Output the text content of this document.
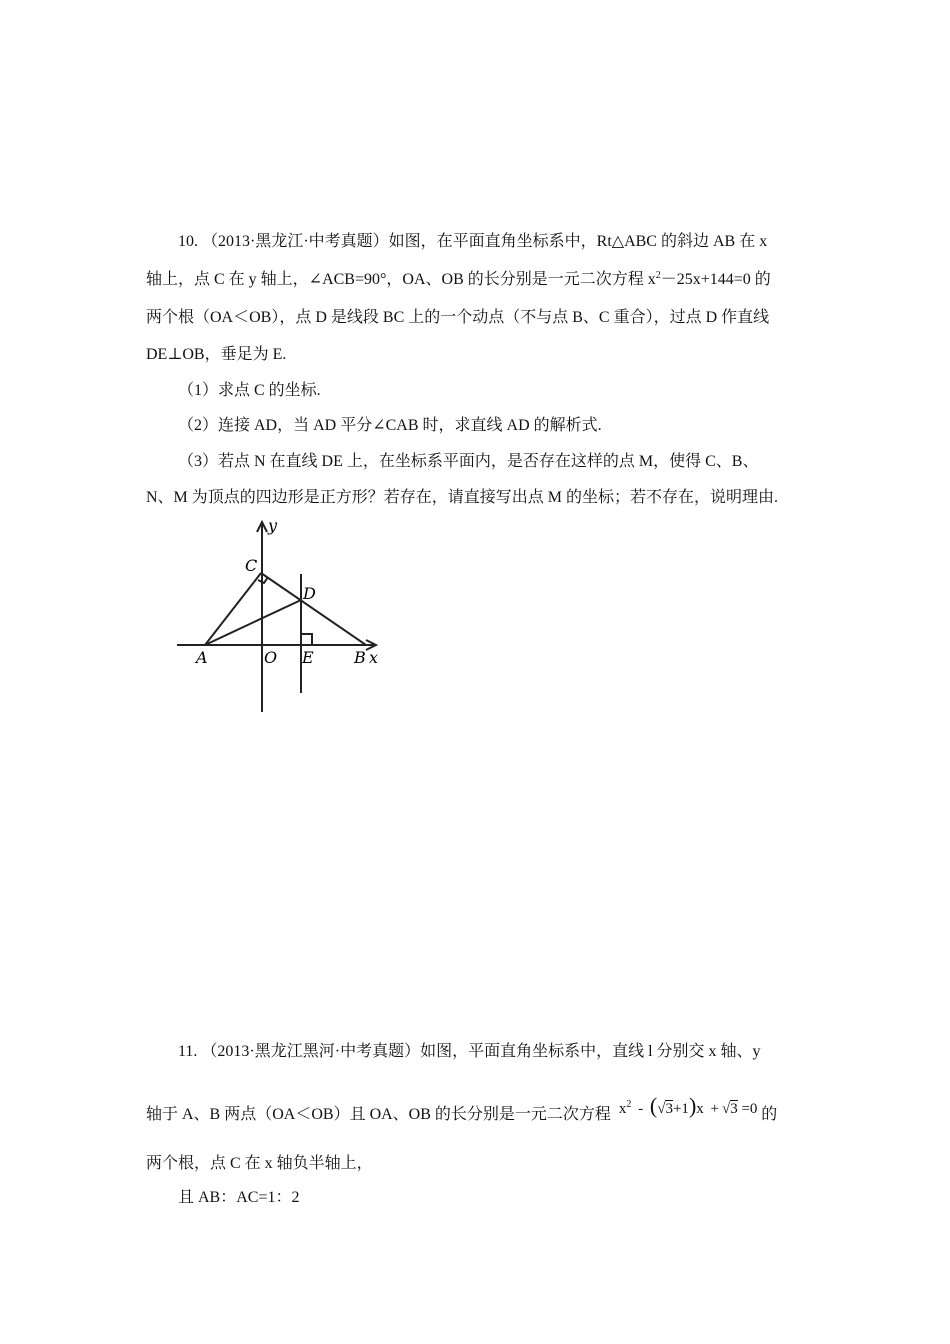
10. （2013·黑龙江·中考真题）如图，在平面直角坐标系中，Rt△ABC 的斜边 AB 在 x
轴上，点 C 在 y 轴上，∠ACB=90°，OA、OB 的长分别是一元二次方程 $x^2-25x+144=0$ 的
两个根（OA＜OB），点 D 是线段 BC 上的一个动点（不与点 B、C 重合），过点 D 作直线
DE⊥OB，垂足为 E.
（1）求点 C 的坐标.
（2）连接 AD，当 AD 平分∠CAB 时，求直线 AD 的解析式.
（3）若点 N 在直线 DE 上，在坐标系平面内，是否存在这样的点 M，使得 C、B、
N、M 为顶点的四边形是正方形？若存在，请直接写出点 M 的坐标；若不存在，说明理由.
y
C
D
A	O E	B x
11. （2013·黑龙江黑河·中考真题）如图，平面直角坐标系中，直线 l 分别交 x 轴、y
轴于 A、B 两点（OA＜OB）且 OA、OB 的长分别是一元二次方程 $x^2 - (√3+1)x + √3 =0$ 的
两个根，点 C 在 x 轴负半轴上，
且 AB：AC=1：2
